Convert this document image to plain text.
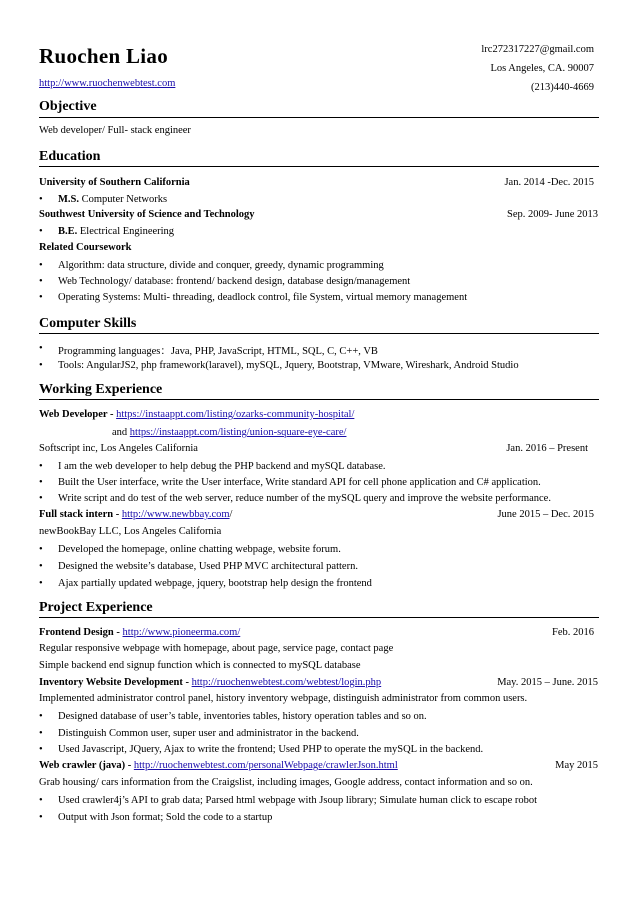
Ruochen Liao
http://www.ruochenwebtest.com
lrc272317227@gmail.com
Los Angeles, CA. 90007
(213)440-4669
Objective
Web developer/ Full- stack engineer
Education
University of Southern California	Jan. 2014 -Dec. 2015
• M.S. Computer Networks
Southwest University of Science and Technology	Sep. 2009- June 2013
• B.E. Electrical Engineering
Related Coursework
• Algorithm: data structure, divide and conquer, greedy, dynamic programming
• Web Technology/ database: frontend/ backend design, database design/management
• Operating Systems: Multi- threading, deadlock control, file System, virtual memory management
Computer Skills
• Programming languages：Java, PHP, JavaScript, HTML, SQL, C, C++, VB
• Tools: AngularJS2, php framework(laravel), mySQL, Jquery, Bootstrap, VMware, Wireshark, Android Studio
Working Experience
Web Developer - https://instaappt.com/listing/ozarks-community-hospital/
and https://instaappt.com/listing/union-square-eye-care/
Softscript inc, Los Angeles California	Jan. 2016 – Present
• I am the web developer to help debug the PHP backend and mySQL database.
• Built the User interface, write the User interface, Write standard API for cell phone application and C# application.
• Write script and do test of the web server, reduce number of the mySQL query and improve the website performance.
Full stack intern - http://www.newbbay.com/	June 2015 – Dec. 2015
newBookBay LLC, Los Angeles California
• Developed the homepage, online chatting webpage, website forum.
• Designed the website’s database, Used PHP MVC architectural pattern.
• Ajax partially updated webpage, jquery, bootstrap help design the frontend
Project Experience
Frontend Design - http://www.pioneerma.com/	Feb. 2016
Regular responsive webpage with homepage, about page, service page, contact page
Simple backend end signup function which is connected to mySQL database
Inventory Website Development - http://ruochenwebtest.com/webtest/login.php	May. 2015 – June. 2015
Implemented administrator control panel, history inventory webpage, distinguish administrator from common users.
• Designed database of user’s table, inventories tables, history operation tables and so on.
• Distinguish Common user, super user and administrator in the backend.
• Used Javascript, JQuery, Ajax to write the frontend; Used PHP to operate the mySQL in the backend.
Web crawler (java) - http://ruochenwebtest.com/personalWebpage/crawlerJson.html	May 2015
Grab housing/ cars information from the Craigslist, including images, Google address, contact information and so on.
• Used crawler4j’s API to grab data; Parsed html webpage with Jsoup library; Simulate human click to escape robot
• Output with Json format; Sold the code to a startup
